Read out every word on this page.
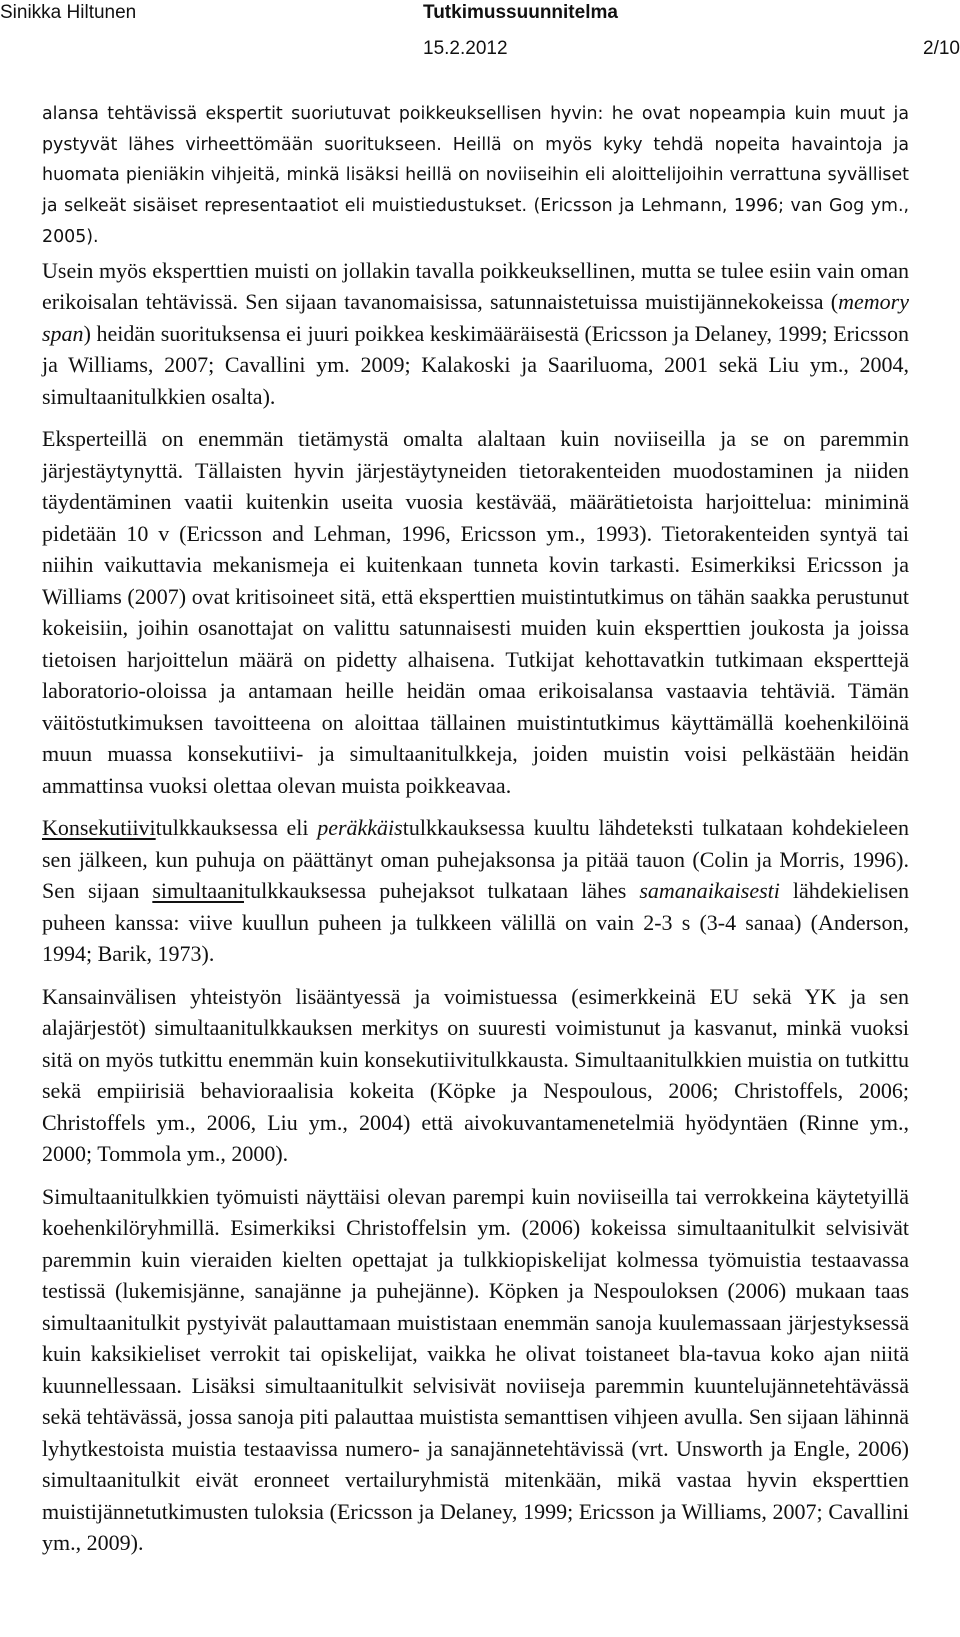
Sinikka Hiltunen	Tutkimussuunnitelma
15.2.2012	2/10

alansa tehtävissä ekspertit suoriutuvat poikkeuksellisen hyvin: he ovat nopeampia kuin muut ja pystyvät lähes virheettömään suoritukseen. Heillä on myös kyky tehdä nopeita havaintoja ja huomata pieniäkin vihjeitä, minkä lisäksi heillä on noviiseihin eli aloittelijoihin verrattuna syvälliset ja selkeät sisäiset representaatiot eli muistiedustukset. (Ericsson ja Lehmann, 1996; van Gog ym., 2005).

Usein myös eksperttien muisti on jollakin tavalla poikkeuksellinen, mutta se tulee esiin vain oman erikoisalan tehtävissä. Sen sijaan tavanomaisissa, satunnaistetuissa muistijännekokeissa (memory span) heidän suorituksensa ei juuri poikkea keskimääräisestä (Ericsson ja Delaney, 1999; Ericsson ja Williams, 2007; Cavallini ym. 2009; Kalakoski ja Saariluoma, 2001 sekä Liu ym., 2004, simultaanitulkkien osalta).

Eksperteillä on enemmän tietämystä omalta alaltaan kuin noviiseilla ja se on paremmin järjestäytynyttä. Tällaisten hyvin järjestäytyneiden tietorakenteiden muodostaminen ja niiden täydentäminen vaatii kuitenkin useita vuosia kestävää, määrätietoista harjoittelua: miniminä pidetään 10 v (Ericsson and Lehman, 1996, Ericsson ym., 1993). Tietorakenteiden syntyä tai niihin vaikuttavia mekanismeja ei kuitenkaan tunneta kovin tarkasti. Esimerkiksi Ericsson ja Williams (2007) ovat kritisoineet sitä, että eksperttien muistintutkimus on tähän saakka perustunut kokeisiin, joihin osanottajat on valittu satunnaisesti muiden kuin eksperttien joukosta ja joissa tietoisen harjoittelun määrä on pidetty alhaisena. Tutkijat kehottavatkin tutkimaan eksperttejä laboratorio-oloissa ja antamaan heille heidän omaa erikoisalansa vastaavia tehtäviä. Tämän väitöstutkimuksen tavoitteena on aloittaa tällainen muistintutkimus käyttämällä koehenkilöinä muun muassa konsekutiivi- ja simultaanitulkkeja, joiden muistin voisi pelkästään heidän ammattinsa vuoksi olettaa olevan muista poikkeavaa.

Konsekutiivitulkkauksessa eli peräkkäistulkkauksessa kuultu lähdeteksti tulkataan kohdekieleen sen jälkeen, kun puhuja on päättänyt oman puhejaksonsa ja pitää tauon (Colin ja Morris, 1996). Sen sijaan simultaanitulkkauksessa puhejaksot tulkataan lähes samanaikaisesti lähdekielisen puheen kanssa: viive kuullun puheen ja tulkkeen välillä on vain 2-3 s (3-4 sanaa) (Anderson, 1994; Barik, 1973).

Kansainvälisen yhteistyön lisääntyessä ja voimistuessa (esimerkkeinä EU sekä YK ja sen alajärjestöt) simultaanitulkkauksen merkitys on suuresti voimistunut ja kasvanut, minkä vuoksi sitä on myös tutkittu enemmän kuin konsekutiivitulkkausta. Simultaanitulkkien muistia on tutkittu sekä empiirisiä behavioraalisia kokeita (Köpke ja Nespoulous, 2006; Christoffels, 2006; Christoffels ym., 2006, Liu ym., 2004) että aivokuvantamenetelmiä hyödyntäen (Rinne ym., 2000; Tommola ym., 2000).

Simultaanitulkkien työmuisti näyttäisi olevan parempi kuin noviiseilla tai verrokkeina käytetyillä koehenkilöryhmillä. Esimerkiksi Christoffelsin ym. (2006) kokeissa simultaanitulkit selvisivät paremmin kuin vieraiden kielten opettajat ja tulkkiopiskelijat kolmessa työmuistia testaavassa testissä (lukemisjänne, sanajänne ja puhejänne). Köpken ja Nespouloksen (2006) mukaan taas simultaanitulkit pystyivät palauttamaan muististaan enemmän sanoja kuulemassaan järjestyksessä kuin kaksikieliset verrokit tai opiskelijat, vaikka he olivat toistaneet bla-tavua koko ajan niitä kuunnellessaan. Lisäksi simultaanitulkit selvisivät noviiseja paremmin kuuntelujännetehtävässä sekä tehtävässä, jossa sanoja piti palauttaa muistista semanttisen vihjeen avulla. Sen sijaan lähinnä lyhytkestoista muistia testaavissa numero- ja sanajännetehtävissä (vrt. Unsworth ja Engle, 2006) simultaanitulkit eivät eronneet vertailuryhmistä mitenkään, mikä vastaa hyvin eksperttien muistijännetutkimusten tuloksia (Ericsson ja Delaney, 1999; Ericsson ja Williams, 2007; Cavallini ym., 2009).
